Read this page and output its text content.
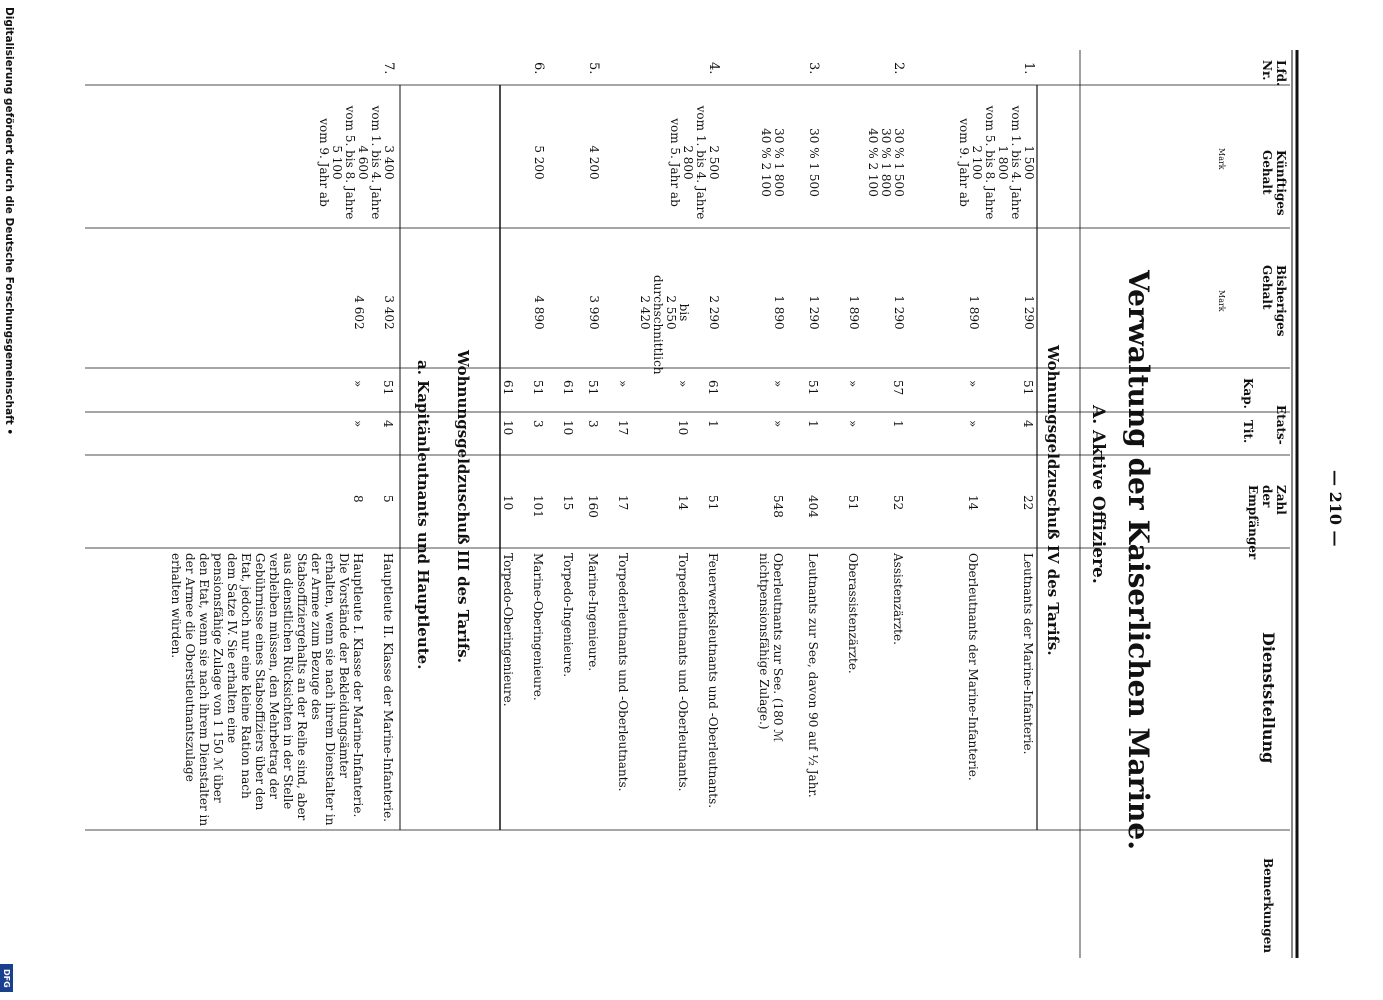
Digitalisierung gefördert durch die Deutsche Forschungsgemeinschaft •
DFG
— 210 —
Verwaltung der Kaiserlichen Marine.
A. Aktive Offiziere.
Wohnungsgeldzuschuß IV des Tarifs.
Wohnungsgeldzuschuß III des Tarifs.
a. Kapitänleutnants und Hauptleute.
Lfd.
Nr.
Künftiges
Gehalt
Mark
Bisheriges
Gehalt
Mark
Etats-
Kap.
Tit.
Zahl
der
Empfänger
Dienststellung
Bemerkungen
1.
1 500
vom 1. bis 4. Jahre
1 800
vom 5. bis 8. Jahre
2 100
vom 9. Jahr ab
1 290
51
4
22
Leutnants der Marine-Infanterie.
1 890
»
»
14
Oberleutnants der Marine-Infanterie.
2.
30 % 1 500
30 % 1 800
40 % 2 100
1 290
57
1
52
Assistenzärzte.
1 890
»
»
51
Oberassistenzärzte.
3.
30 % 1 500
1 290
51
1
404
Leutnants zur See, davon 90 auf ½ Jahr.
30 % 1 800
40 % 2 100
1 890
»
»
548
Oberleutnants zur See. (180 ℳ nichtpensionsfähige Zulage.)
4.
2 500
vom 1. bis 4. Jahre
2 800
vom 5. Jahr ab
2 290
61
1
51
Feuerwerksleutnants und -Oberleutnants.
bis
2 550
durchschnittlich
2 420
»
10
14
Torpederleutnants und -Oberleutnants.
»
17
17
Torpederleutnants und -Oberleutnants.
5.
4 200
3 990
51
3
160
Marine-Ingenieure.
61
10
15
Torpedo-Ingenieure.
6.
5 200
4 890
51
3
101
Marine-Oberingenieure.
61
10
10
Torpedo-Oberingenieure.
7.
3 400
vom 1. bis 4. Jahre
4 600
vom 5. bis 8. Jahre
5 100
vom 9. Jahr ab
3 402
51
4
5
Hauptleute II. Klasse der Marine-Infanterie.
4 602
»
»
8
Hauptleute I. Klasse der Marine-Infanterie. Die Vorstände der Bekleidungsämter erhalten, wenn sie nach ihrem Dienstalter in der Armee zum Bezuge des Stabsoffiziergehalts an der Reihe sind, aber aus dienstlichen Rücksichten in der Stelle verbleiben müssen, den Mehrbetrag der Gebührnisse eines Stabsoffiziers über den Etat, jedoch nur eine kleine Ration nach dem Satze IV. Sie erhalten eine pensionsfähige Zulage von 1 150 ℳ über den Etat, wenn sie nach ihrem Dienstalter in der Armee die Oberstleutnantszulage erhalten würden.
